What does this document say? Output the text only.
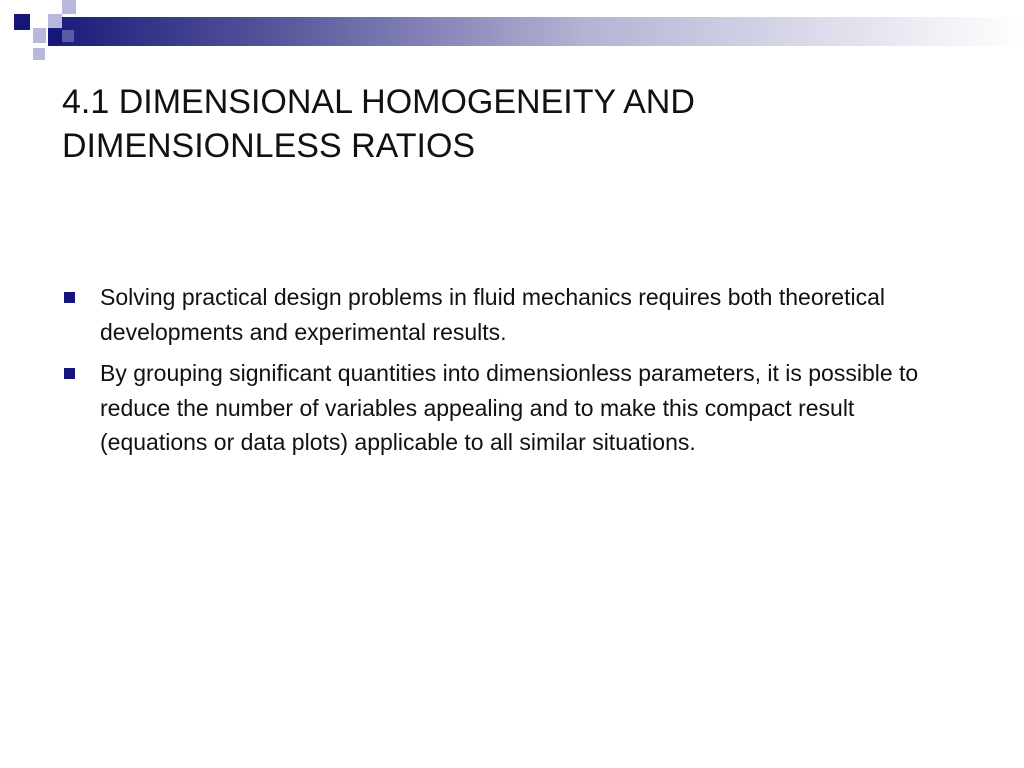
4.1 DIMENSIONAL HOMOGENEITY AND
DIMENSIONLESS RATIOS
Solving practical design problems in fluid mechanics requires both theoretical developments and experimental results.
By grouping significant quantities into dimensionless parameters, it is possible to reduce the number of variables appealing and to make this compact result (equations or data plots) applicable to all similar situations.
